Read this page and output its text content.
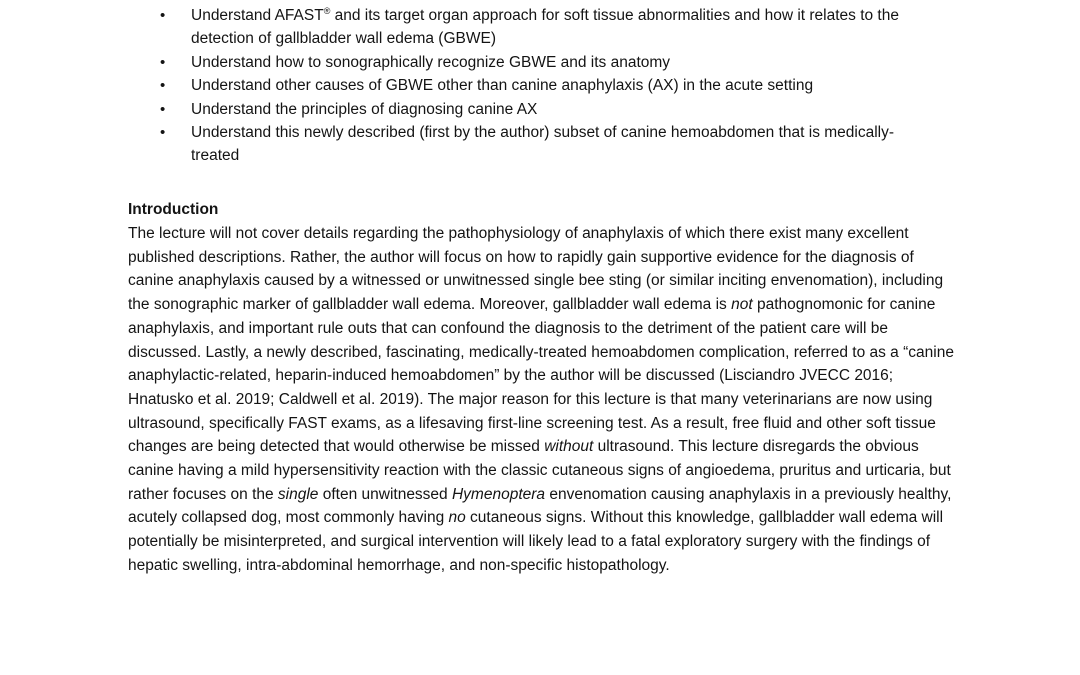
• Understand AFAST® and its target organ approach for soft tissue abnormalities and how it relates to the detection of gallbladder wall edema (GBWE)
• Understand how to sonographically recognize GBWE and its anatomy
• Understand other causes of GBWE other than canine anaphylaxis (AX) in the acute setting
• Understand the principles of diagnosing canine AX
• Understand this newly described (first by the author) subset of canine hemoabdomen that is medically-treated
Introduction

The lecture will not cover details regarding the pathophysiology of anaphylaxis of which there exist many excellent published descriptions. Rather, the author will focus on how to rapidly gain supportive evidence for the diagnosis of canine anaphylaxis caused by a witnessed or unwitnessed single bee sting (or similar inciting envenomation), including the sonographic marker of gallbladder wall edema. Moreover, gallbladder wall edema is not pathognomonic for canine anaphylaxis, and important rule outs that can confound the diagnosis to the detriment of the patient care will be discussed. Lastly, a newly described, fascinating, medically-treated hemoabdomen complication, referred to as a “canine anaphylactic-related, heparin-induced hemoabdomen” by the author will be discussed (Lisciandro JVECC 2016; Hnatusko et al. 2019; Caldwell et al. 2019). The major reason for this lecture is that many veterinarians are now using ultrasound, specifically FAST exams, as a lifesaving first-line screening test. As a result, free fluid and other soft tissue changes are being detected that would otherwise be missed without ultrasound. This lecture disregards the obvious canine having a mild hypersensitivity reaction with the classic cutaneous signs of angioedema, pruritus and urticaria, but rather focuses on the single often unwitnessed Hymenoptera envenomation causing anaphylaxis in a previously healthy, acutely collapsed dog, most commonly having no cutaneous signs. Without this knowledge, gallbladder wall edema will potentially be misinterpreted, and surgical intervention will likely lead to a fatal exploratory surgery with the findings of hepatic swelling, intra-abdominal hemorrhage, and non-specific histopathology.
